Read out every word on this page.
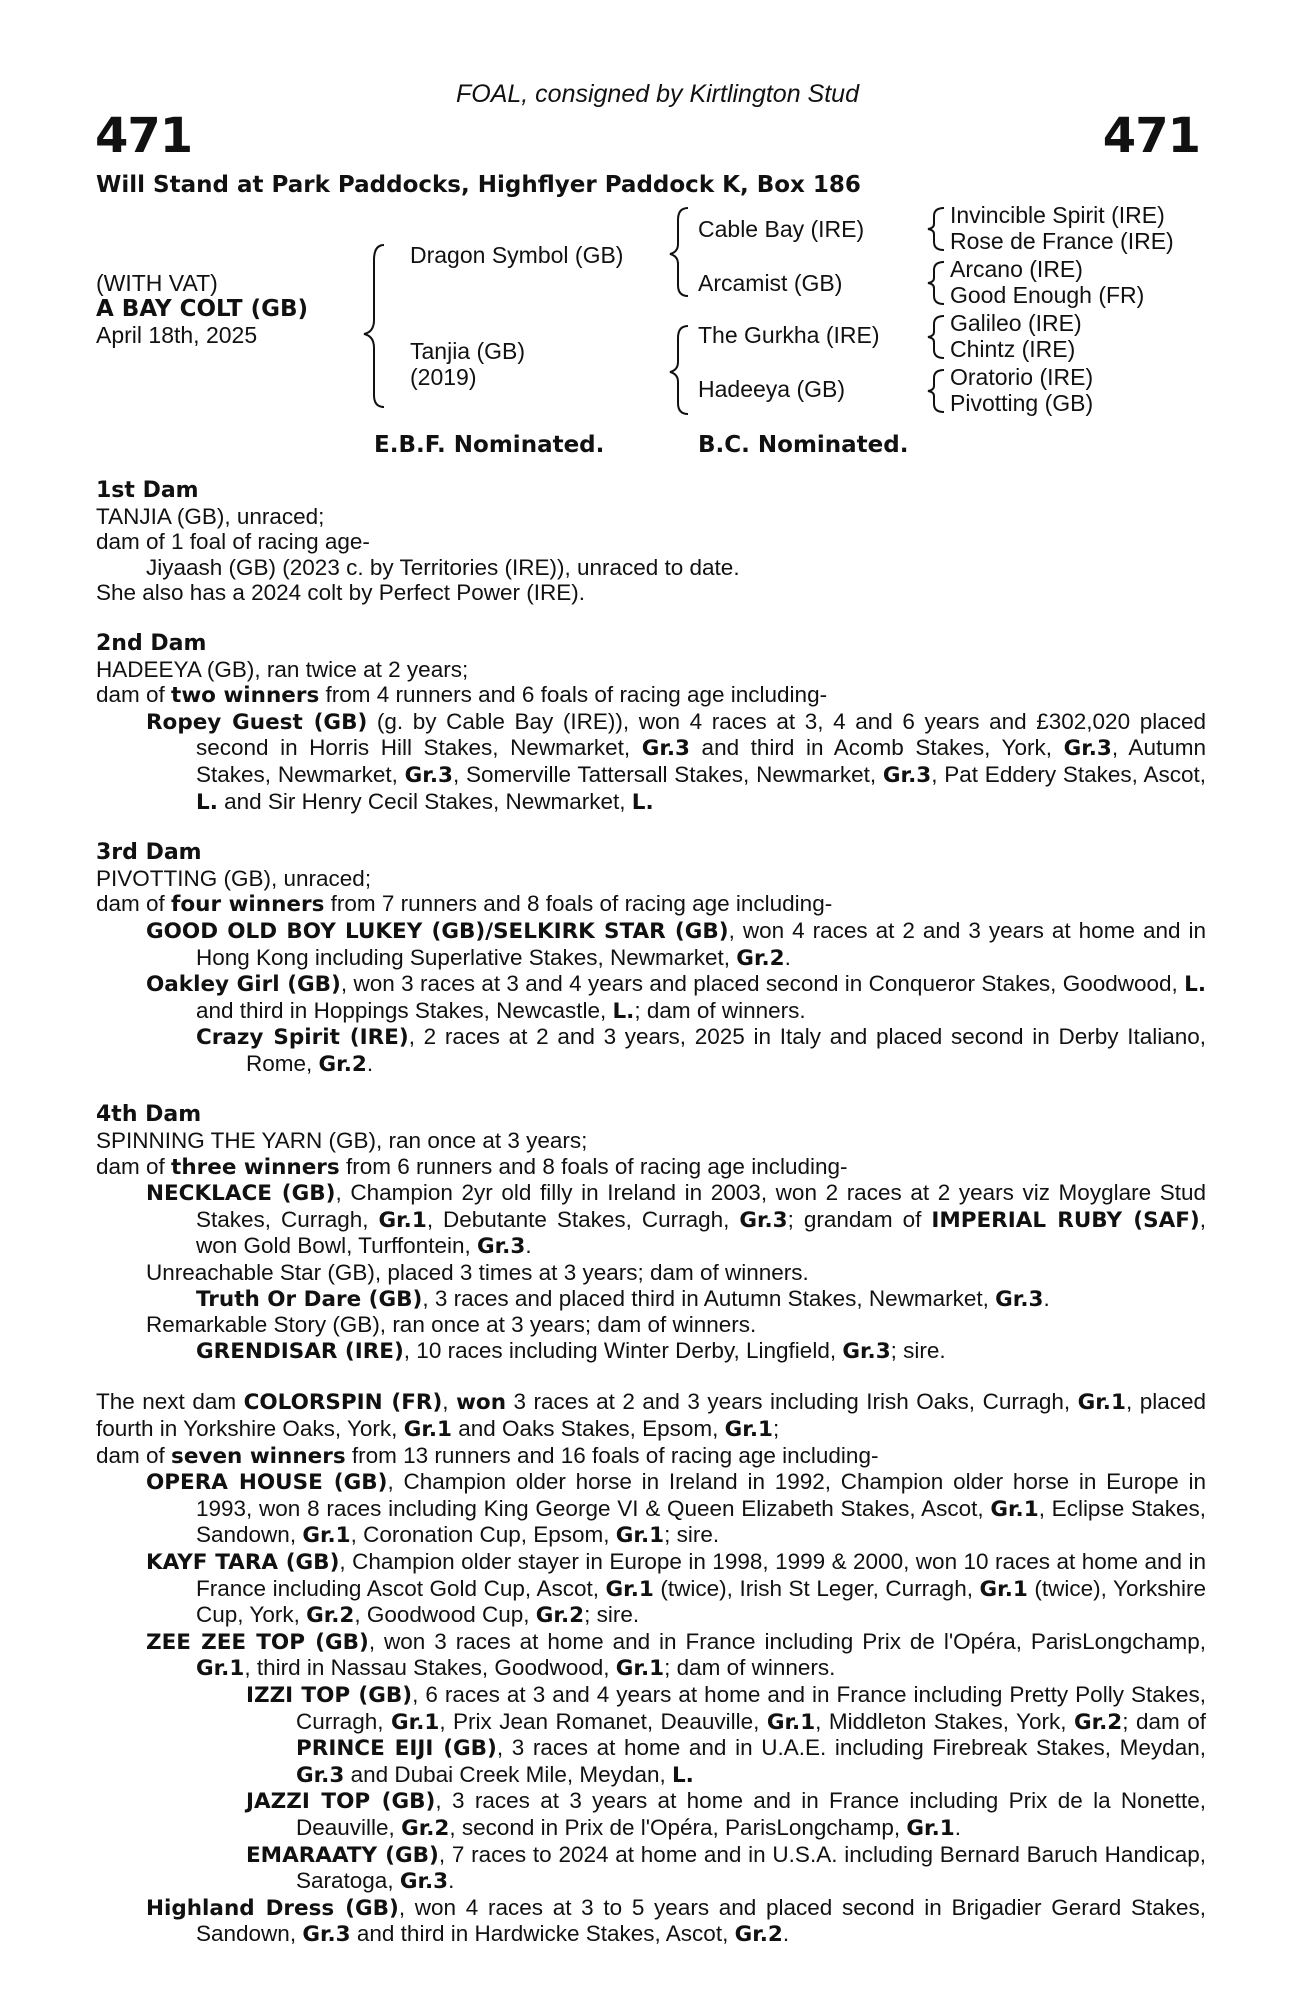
FOAL, consigned by Kirtlington Stud
471	471
Will Stand at Park Paddocks, Highflyer Paddock K, Box 186
(WITH VAT)
A BAY COLT (GB)
April 18th, 2025
Dragon Symbol (GB)
Tanjia (GB)
(2019)
Cable Bay (IRE)
Arcamist (GB)
The Gurkha (IRE)
Hadeeya (GB)
Invincible Spirit (IRE)
Rose de France (IRE)
Arcano (IRE)
Good Enough (FR)
Galileo (IRE)
Chintz (IRE)
Oratorio (IRE)
Pivotting (GB)
E.B.F. Nominated.	B.C. Nominated.
1st Dam
TANJIA (GB), unraced;
dam of 1 foal of racing age-
Jiyaash (GB) (2023 c. by Territories (IRE)), unraced to date.
She also has a 2024 colt by Perfect Power (IRE).
2nd Dam
HADEEYA (GB), ran twice at 2 years;
dam of two winners from 4 runners and 6 foals of racing age including-
Ropey Guest (GB) (g. by Cable Bay (IRE)), won 4 races at 3, 4 and 6 years and £302,020 placed second in Horris Hill Stakes, Newmarket, Gr.3 and third in Acomb Stakes, York, Gr.3, Autumn Stakes, Newmarket, Gr.3, Somerville Tattersall Stakes, Newmarket, Gr.3, Pat Eddery Stakes, Ascot, L. and Sir Henry Cecil Stakes, Newmarket, L.
3rd Dam
PIVOTTING (GB), unraced;
dam of four winners from 7 runners and 8 foals of racing age including-
GOOD OLD BOY LUKEY (GB)/SELKIRK STAR (GB), won 4 races at 2 and 3 years at home and in Hong Kong including Superlative Stakes, Newmarket, Gr.2.
Oakley Girl (GB), won 3 races at 3 and 4 years and placed second in Conqueror Stakes, Goodwood, L. and third in Hoppings Stakes, Newcastle, L.; dam of winners.
Crazy Spirit (IRE), 2 races at 2 and 3 years, 2025 in Italy and placed second in Derby Italiano, Rome, Gr.2.
4th Dam
SPINNING THE YARN (GB), ran once at 3 years;
dam of three winners from 6 runners and 8 foals of racing age including-
NECKLACE (GB), Champion 2yr old filly in Ireland in 2003, won 2 races at 2 years viz Moyglare Stud Stakes, Curragh, Gr.1, Debutante Stakes, Curragh, Gr.3; grandam of IMPERIAL RUBY (SAF), won Gold Bowl, Turffontein, Gr.3.
Unreachable Star (GB), placed 3 times at 3 years; dam of winners.
Truth Or Dare (GB), 3 races and placed third in Autumn Stakes, Newmarket, Gr.3.
Remarkable Story (GB), ran once at 3 years; dam of winners.
GRENDISAR (IRE), 10 races including Winter Derby, Lingfield, Gr.3; sire.
The next dam COLORSPIN (FR), won 3 races at 2 and 3 years including Irish Oaks, Curragh, Gr.1, placed fourth in Yorkshire Oaks, York, Gr.1 and Oaks Stakes, Epsom, Gr.1;
dam of seven winners from 13 runners and 16 foals of racing age including-
OPERA HOUSE (GB), Champion older horse in Ireland in 1992, Champion older horse in Europe in 1993, won 8 races including King George VI & Queen Elizabeth Stakes, Ascot, Gr.1, Eclipse Stakes, Sandown, Gr.1, Coronation Cup, Epsom, Gr.1; sire.
KAYF TARA (GB), Champion older stayer in Europe in 1998, 1999 & 2000, won 10 races at home and in France including Ascot Gold Cup, Ascot, Gr.1 (twice), Irish St Leger, Curragh, Gr.1 (twice), Yorkshire Cup, York, Gr.2, Goodwood Cup, Gr.2; sire.
ZEE ZEE TOP (GB), won 3 races at home and in France including Prix de l'Opéra, ParisLongchamp, Gr.1, third in Nassau Stakes, Goodwood, Gr.1; dam of winners.
IZZI TOP (GB), 6 races at 3 and 4 years at home and in France including Pretty Polly Stakes, Curragh, Gr.1, Prix Jean Romanet, Deauville, Gr.1, Middleton Stakes, York, Gr.2; dam of PRINCE EIJI (GB), 3 races at home and in U.A.E. including Firebreak Stakes, Meydan, Gr.3 and Dubai Creek Mile, Meydan, L.
JAZZI TOP (GB), 3 races at 3 years at home and in France including Prix de la Nonette, Deauville, Gr.2, second in Prix de l'Opéra, ParisLongchamp, Gr.1.
EMARAATY (GB), 7 races to 2024 at home and in U.S.A. including Bernard Baruch Handicap, Saratoga, Gr.3.
Highland Dress (GB), won 4 races at 3 to 5 years and placed second in Brigadier Gerard Stakes, Sandown, Gr.3 and third in Hardwicke Stakes, Ascot, Gr.2.
